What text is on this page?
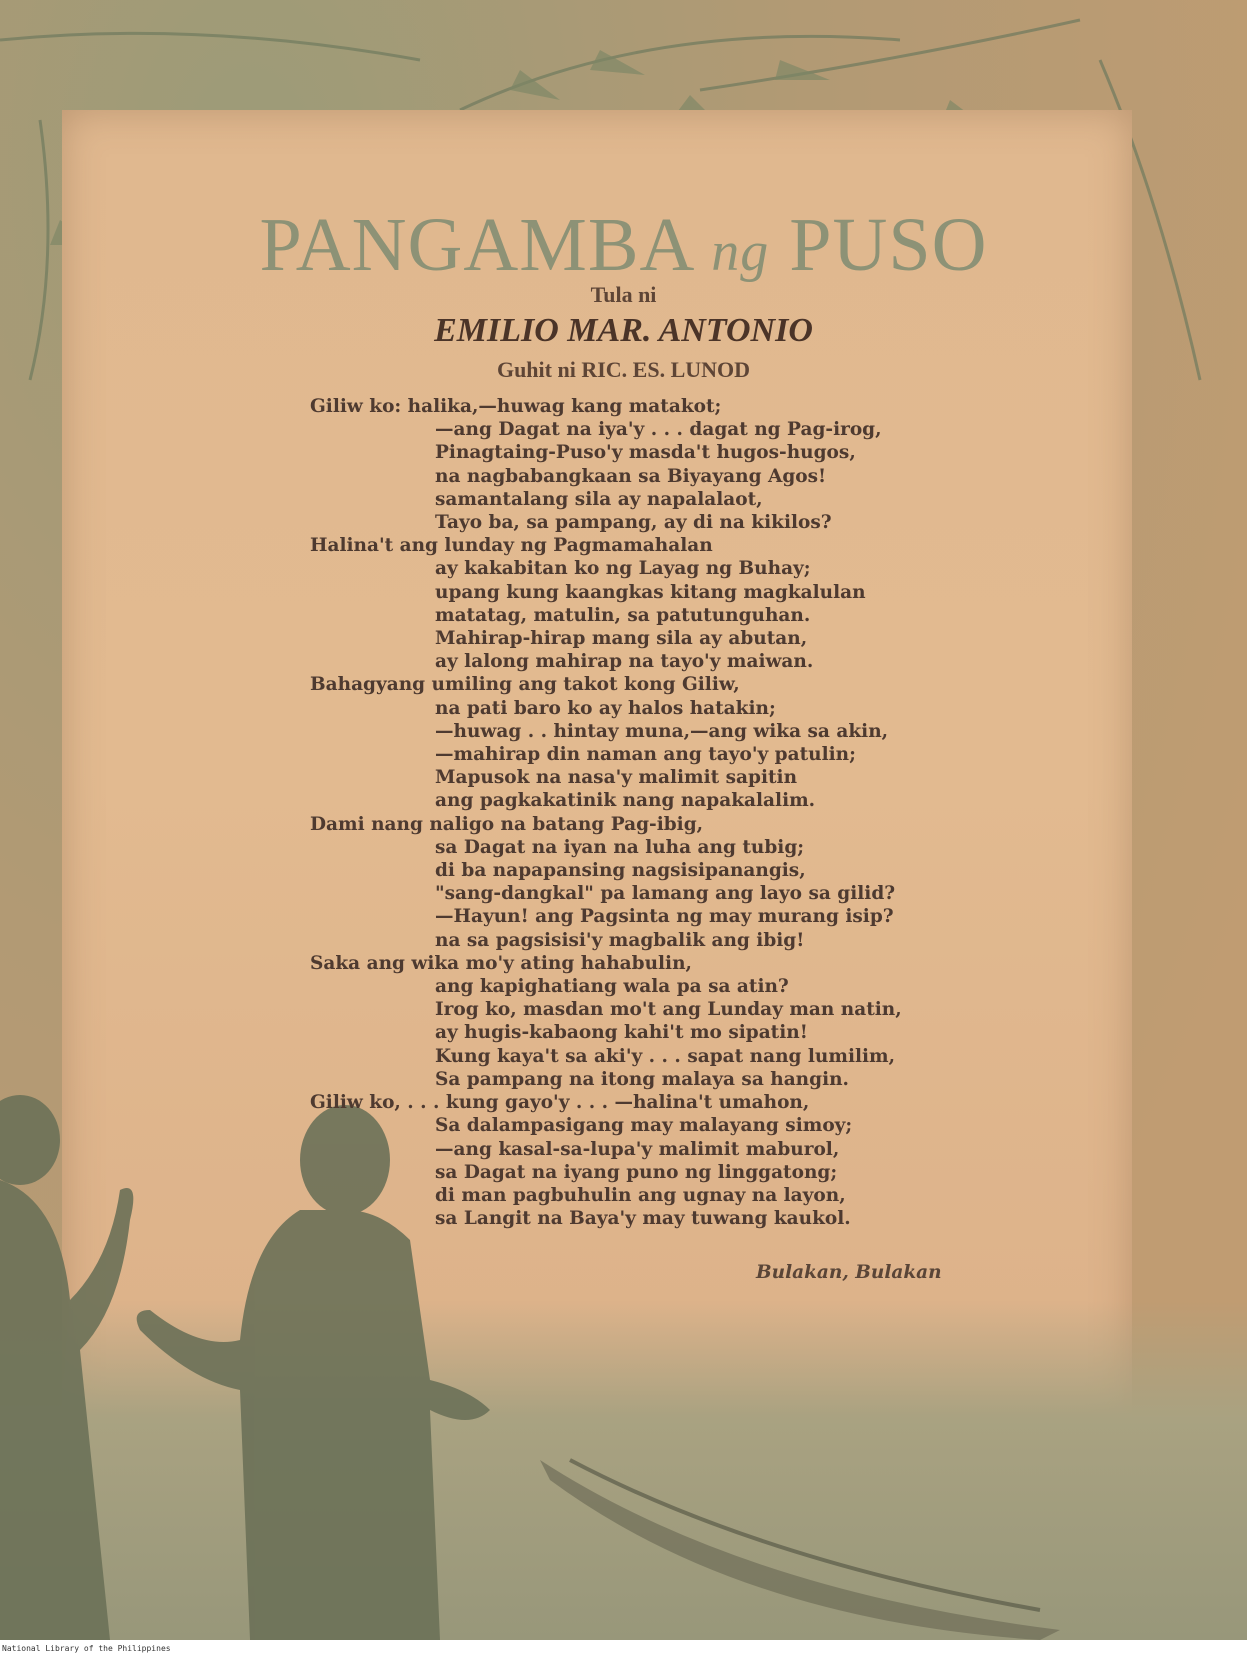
PANGAMBA ng PUSO
Tula ni
EMILIO MAR. ANTONIO
Guhit ni RIC. ES. LUNOD
Giliw ko: halika,—huwag kang matakot;
—ang Dagat na iya'y . . . dagat ng Pag-irog,
Pinagtaing-Puso'y masda't hugos-hugos,
na nagbabangkaan sa Biyayang Agos!
samantalang sila ay napalalaot,
Tayo ba, sa pampang, ay di na kikilos?
Halina't ang lunday ng Pagmamahalan
ay kakabitan ko ng Layag ng Buhay;
upang kung kaangkas kitang magkalulan
matatag, matulin, sa patutunguhan.
Mahirap-hirap mang sila ay abutan,
ay lalong mahirap na tayo'y maiwan.
Bahagyang umiling ang takot kong Giliw,
na pati baro ko ay halos hatakin;
—huwag . . hintay muna,—ang wika sa akin,
—mahirap din naman ang tayo'y patulin;
Mapusok na nasa'y malimit sapitin
ang pagkakatinik nang napakalalim.
Dami nang naligo na batang Pag-ibig,
sa Dagat na iyan na luha ang tubig;
di ba napapansing nagsisipanangis,
"sang-dangkal" pa lamang ang layo sa gilid?
—Hayun! ang Pagsinta ng may murang isip?
na sa pagsisisi'y magbalik ang ibig!
Saka ang wika mo'y ating hahabulin,
ang kapighatiang wala pa sa atin?
Irog ko, masdan mo't ang Lunday man natin,
ay hugis-kabaong kahi't mo sipatin!
Kung kaya't sa aki'y . . . sapat nang lumilim,
Sa pampang na itong malaya sa hangin.
Giliw ko, . . . kung gayo'y . . . —halina't umahon,
Sa dalampasigang may malayang simoy;
—ang kasal-sa-lupa'y malimit maburol,
sa Dagat na iyang puno ng linggatong;
di man pagbuhulin ang ugnay na layon,
sa Langit na Baya'y may tuwang kaukol.
Bulakan, Bulakan
National Library of the Philippines
